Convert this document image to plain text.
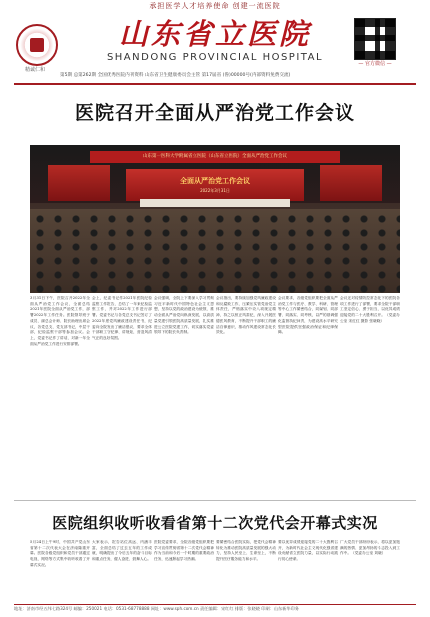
承担医学人才培养使命 创建一流医院
精诚仁和
山东省立医院
SHANDONG PROVINCIAL HOSPITAL
— 官方微信 —
第5期 总第262期 全国优秀医院内刊资料 山东省卫生健康委员会主管 第17届省 (鲁)00000号(内部资料免费交流)
医院召开全面从严治党工作会议
山东第一医科大学附属省立医院（山东省立医院）全面从严治党工作会议
全面从严治党工作会议
2022年3月31日
3月31日下午，医院召开2022年全面从严治党工作会议，全面总结2021年医院全面从严治党工作，部署2022年工作任务。医院领导班子成员、副总会计师、院长助理出席会议，各党总支、党支部书记，中层干部，纪检监察干部等参加会议。会上，党委书记作了讲话，对新一年全面从严治党工作进行安排部署。
会上，纪委书记作2021年医院纪检监察工作报告，总结了一年来纪检监察工作，并对2022年工作进行部署。党委书记与各党总支书记签订了2022年度党风廉政建设责任书，纪委向全院发出了廉洁倡议，要求全体干部职工守纪律、讲规矩，营造风清气正的良好氛围。
会议强调，全院上下要深入学习贯彻习近平新时代中国特色社会主义思想，坚持以党的政治建设为统领，推动全面从严治党向纵深发展，以高质量党建引领医院高质量发展，扎实推进公立医院党建工作，切实落实党委领导下的院长负责制。
会议指出，要持续加强党风廉政建设和反腐败工作，压紧压实管党治党主体责任，严格落实中央八项规定精神，持之以恒正风肃纪，深入开展医德医风教育，不断提升干部职工的廉洁自律意识，推动作风建设常态化长效化。
会议要求，各级党组织要把全面从严治党工作与医疗、教学、科研、管理等中心工作紧密结合，同谋划、同部署、同落实、同考核，以严的基调强化监督执纪问责，为建设高水平研究型医院提供坚强政治保证和纪律保障。
会议还对疫情防控常态化下的医院各项工作进行了部署，要求全院干部职工坚定信心、勇于担当，以优异成绩迎接党的二十大胜利召开。（党委办公室 宋红红 摄影 张晓晓）
医院组织收听收看省第十二次党代会开幕式实况
5月24日上午9时，中国共产党山东省第十二次代表大会在济南隆重开幕。医院各级党组织和党员干部通过电视、网络等方式集中收听收看了开幕式实况。
大家表示，报告站位高远、内涵丰富，全面总结了过去五年的工作成就，明确提出了今后五年的奋斗目标和重点任务，催人奋进、鼓舞人心。
医院党委要求，全院各级党组织要把学习宣传贯彻省第十二次党代会精神作为当前和今后一个时期的重要政治任务，迅速掀起学习热潮。
要紧密结合医院实际，把党代会精神转化为推动医院高质量发展的强大动力，坚持人民至上、生命至上，不断提升医疗服务能力和水平。
要以优异成绩迎接党的二十大胜利召开，为新时代社会主义现代化强省建设贡献省立医院力量，以实际行动践行初心使命。
广大党员干部纷纷表示，将以更加饱满的热情、更加昂扬的斗志投入到工作中。（党委办公室 刘晓）
地址：济南市经五纬七路324号 邮编：250021 电话：0531-68778888 网址：www.sph.com.cn 责任编辑：宋红红 排版：张晓晓 印刷：山东新华印务
